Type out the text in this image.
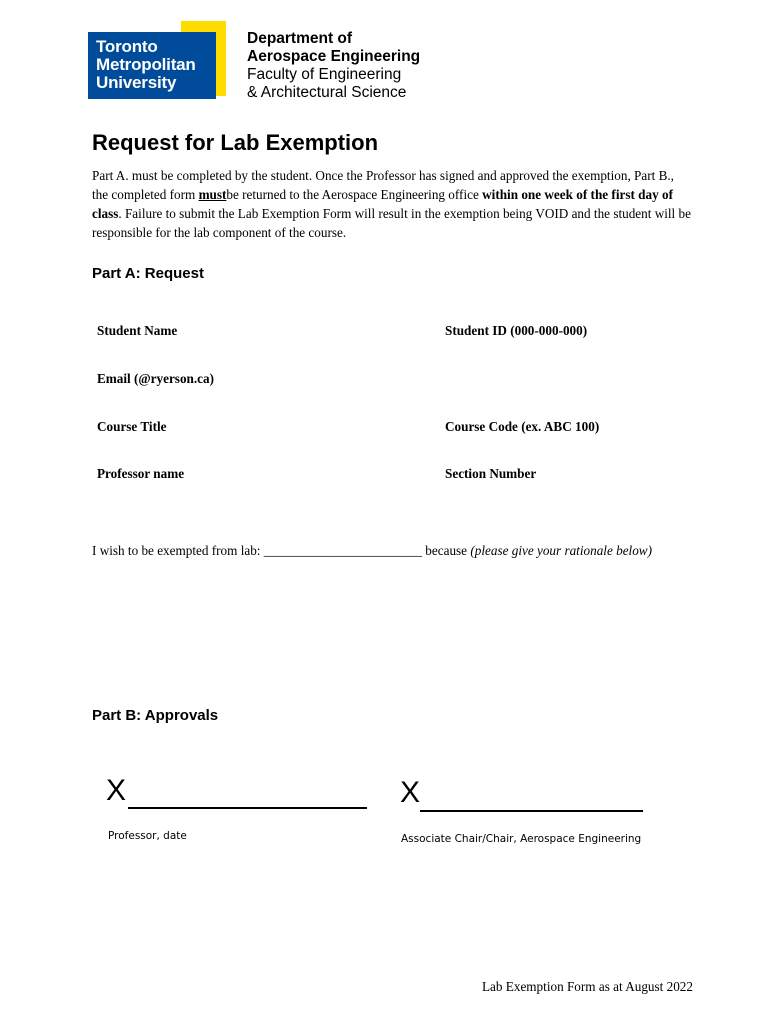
Toronto
Metropolitan
University
Department of
Aerospace Engineering
Faculty of Engineering
& Architectural Science
Request for Lab Exemption
Part A. must be completed by the student. Once the Professor has signed and approved the exemption, Part B., the completed form mustbe returned to the Aerospace Engineering office within one week of the first day of class. Failure to submit the Lab Exemption Form will result in the exemption being VOID and the student will be responsible for the lab component of the course.
Part A: Request
Student Name	Student ID (000-000-000)
Email (@ryerson.ca)
Course Title	Course Code (ex. ABC 100)
Professor name	Section Number
I wish to be exempted from lab: ________________________ because (please give your rationale below)
Part B: Approvals
X
Professor, date
X
Associate Chair/Chair, Aerospace Engineering
Lab Exemption Form as at August 2022
